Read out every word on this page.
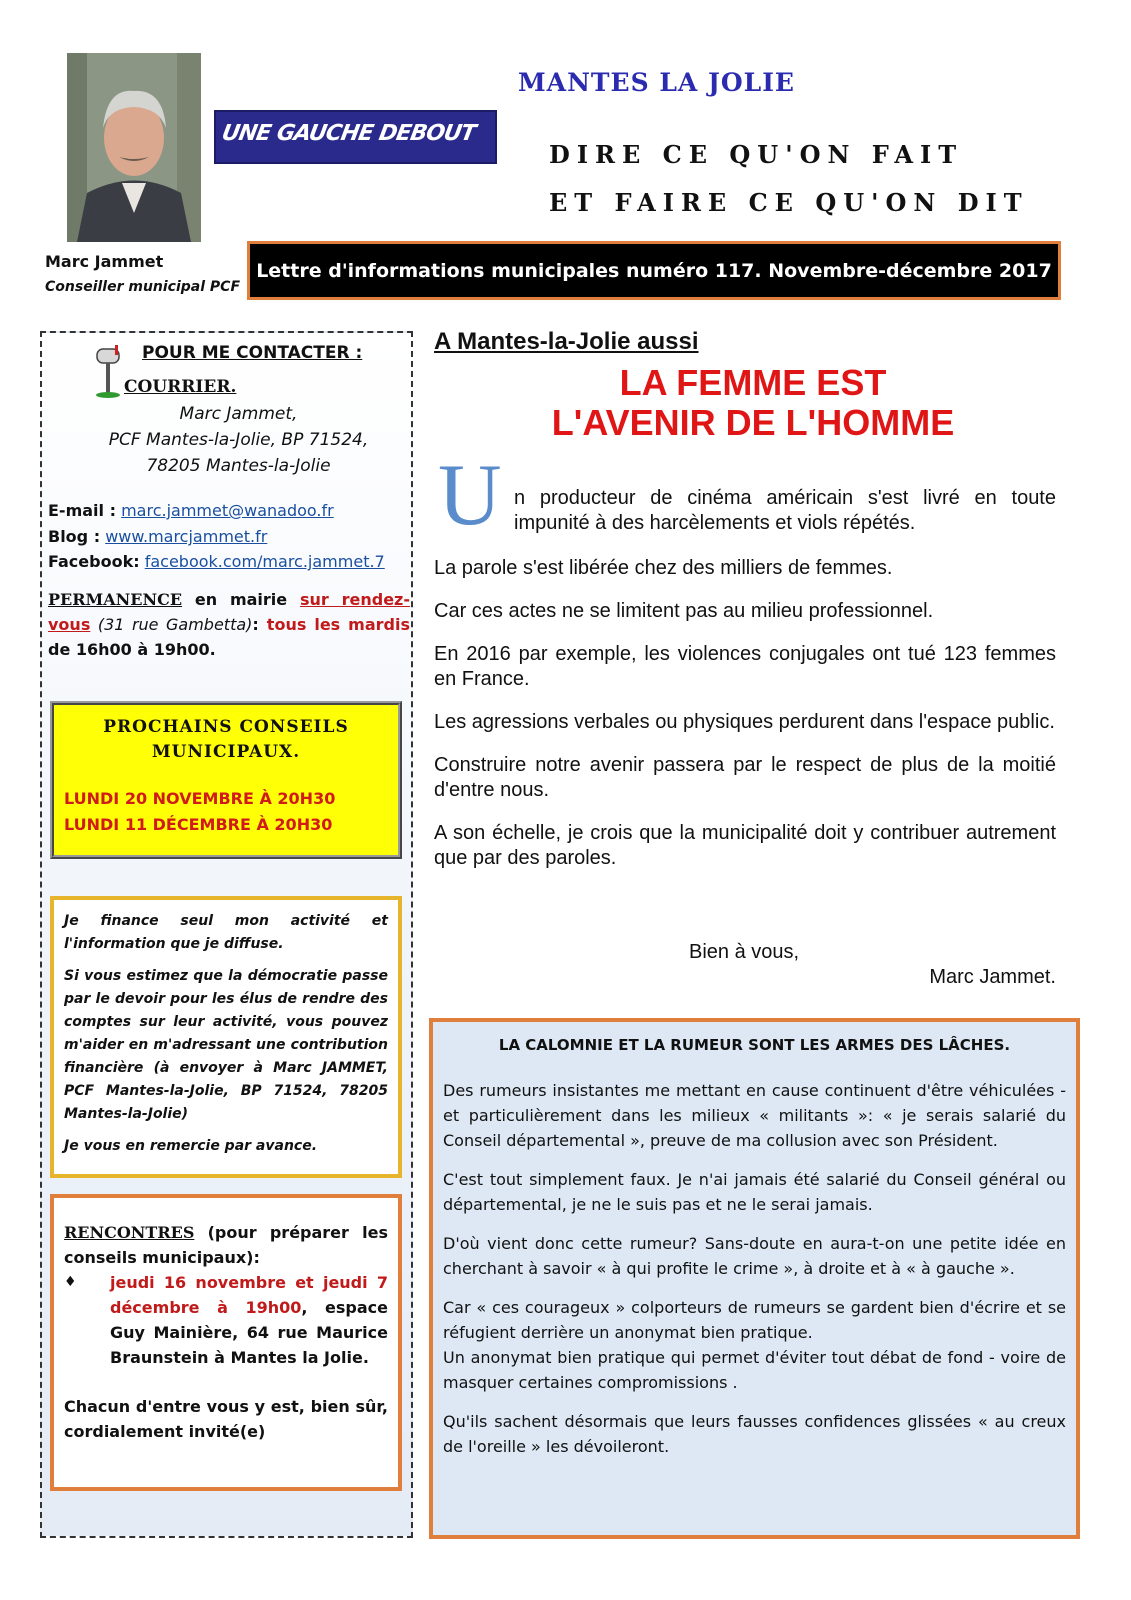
Marc Jammet
Conseiller municipal PCF
UNE GAUCHE DEBOUT
MANTES LA JOLIE
DIRE CE QU'ON FAIT
ET FAIRE CE QU'ON DIT
Lettre d'informations municipales numéro 117. Novembre-décembre 2017
POUR ME CONTACTER :
COURRIER.
Marc Jammet,
PCF Mantes-la-Jolie, BP 71524,
78205 Mantes-la-Jolie
E-mail : marc.jammet@wanadoo.fr
Blog : www.marcjammet.fr
Facebook: facebook.com/marc.jammet.7
PERMANENCE en mairie sur rendez-vous (31 rue Gambetta): tous les mardis de 16h00 à 19h00.
PROCHAINS CONSEILS
MUNICIPAUX.
LUNDI 20 NOVEMBRE À 20H30
LUNDI 11 DÉCEMBRE À 20H30

Je finance seul mon activité et l'information que je diffuse.

Si vous estimez que la démocratie passe par le devoir pour les élus de rendre des comptes sur leur activité, vous pouvez m'aider en m'adressant une contribution financière (à envoyer à Marc JAMMET, PCF Mantes-la-Jolie, BP 71524, 78205 Mantes-la-Jolie)

Je vous en remercie par avance.

RENCONTRES (pour préparer les conseils municipaux):

♦ jeudi 16 novembre et jeudi 7 décembre à 19h00, espace Guy Mainière, 64 rue Maurice Braunstein à Mantes la Jolie.

Chacun d'entre vous y est, bien sûr, cordialement invité(e)

A Mantes-la-Jolie aussi
LA FEMME EST
L'AVENIR DE L'HOMME
U n producteur de cinéma américain s'est livré en toute impunité à des harcèlements et viols répétés.

La parole s'est libérée chez des milliers de femmes.

Car ces actes ne se limitent pas au milieu professionnel.

En 2016 par exemple, les violences conjugales ont tué 123 femmes en France.

Les agressions verbales ou physiques perdurent dans l'espace public.

Construire notre avenir passera par le respect de plus de la moitié d'entre nous.

A son échelle, je crois que la municipalité doit y contribuer autrement que par des paroles.

Bien à vous,
Marc Jammet.
LA CALOMNIE ET LA RUMEUR SONT LES ARMES DES LÂCHES.

Des rumeurs insistantes me mettant en cause continuent d'être véhiculées - et particulièrement dans les milieux « militants »: « je serais salarié du Conseil départemental », preuve de ma collusion avec son Président.

C'est tout simplement faux. Je n'ai jamais été salarié du Conseil général ou départemental, je ne le suis pas et ne le serai jamais.

D'où vient donc cette rumeur? Sans-doute en aura-t-on une petite idée en cherchant à savoir « à qui profite le crime », à droite et à « à gauche ».

Car « ces courageux » colporteurs de rumeurs se gardent bien d'écrire et se réfugient derrière un anonymat bien pratique.

Un anonymat bien pratique qui permet d'éviter tout débat de fond - voire de masquer certaines compromissions .

Qu'ils sachent désormais que leurs fausses confidences glissées « au creux de l'oreille » les dévoileront.
